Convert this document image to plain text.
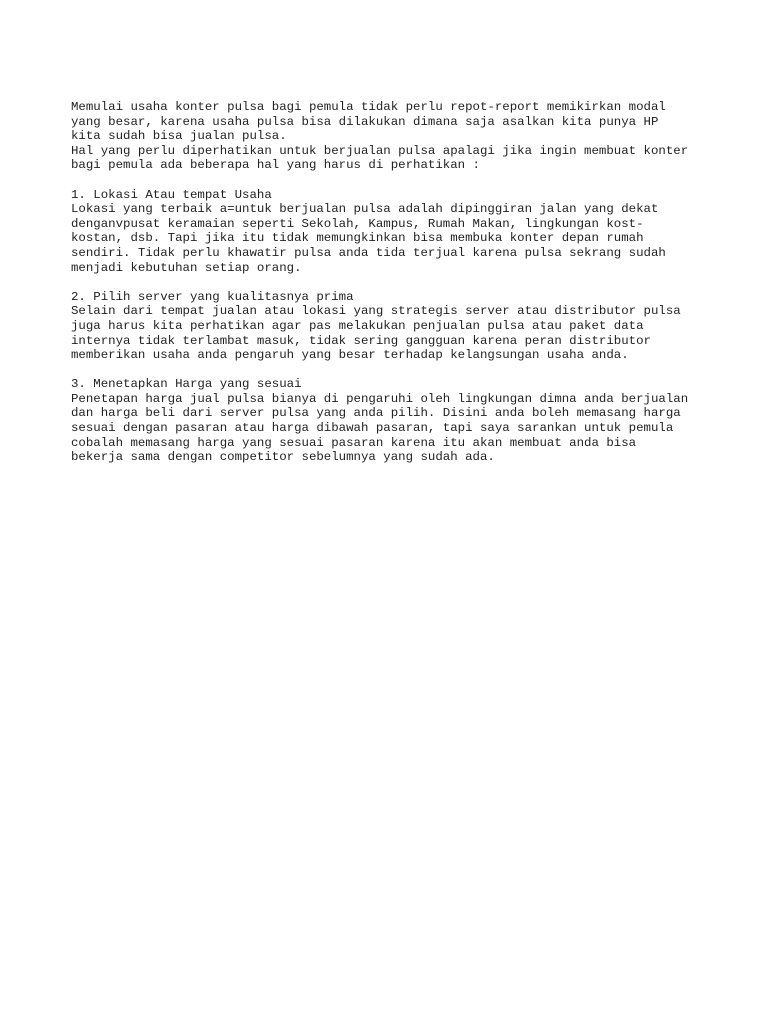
Memulai usaha konter pulsa bagi pemula tidak perlu repot-report memikirkan modal
yang besar, karena usaha pulsa bisa dilakukan dimana saja asalkan kita punya HP
kita sudah bisa jualan pulsa.
Hal yang perlu diperhatikan untuk berjualan pulsa apalagi jika ingin membuat konter
bagi pemula ada beberapa hal yang harus di perhatikan :
1. Lokasi Atau tempat Usaha
Lokasi yang terbaik a=untuk berjualan pulsa adalah dipinggiran jalan yang dekat
denganvpusat keramaian seperti Sekolah, Kampus, Rumah Makan, lingkungan kost-
kostan, dsb. Tapi jika itu tidak memungkinkan bisa membuka konter depan rumah
sendiri. Tidak perlu khawatir pulsa anda tida terjual karena pulsa sekrang sudah
menjadi kebutuhan setiap orang.
2. Pilih server yang kualitasnya prima
Selain dari tempat jualan atau lokasi yang strategis server atau distributor pulsa
juga harus kita perhatikan agar pas melakukan penjualan pulsa atau paket data
internya tidak terlambat masuk, tidak sering gangguan karena peran distributor
memberikan usaha anda pengaruh yang besar terhadap kelangsungan usaha anda.
3. Menetapkan Harga yang sesuai
Penetapan harga jual pulsa bianya di pengaruhi oleh lingkungan dimna anda berjualan
dan harga beli dari server pulsa yang anda pilih. Disini anda boleh memasang harga
sesuai dengan pasaran atau harga dibawah pasaran, tapi saya sarankan untuk pemula
cobalah memasang harga yang sesuai pasaran karena itu akan membuat anda bisa
bekerja sama dengan competitor sebelumnya yang sudah ada.
